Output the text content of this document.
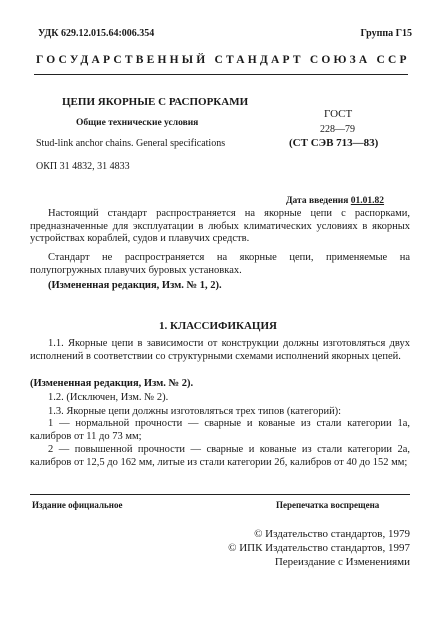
УДК 629.12.015.64:006.354	Группа Г15
ГОСУДАРСТВЕННЫЙ СТАНДАРТ СОЮЗА ССР
ЦЕПИ ЯКОРНЫЕ С РАСПОРКАМИ
Общие технические условия
Stud-link anchor chains. General specifications
ГОСТ
228—79
(СТ СЭВ 713—83)
ОКП 31 4832, 31 4833
Дата введения 01.01.82
Настоящий стандарт распространяется на якорные цепи с распорками, предназначенные для эксплуатации в любых климатических условиях в якорных устройствах кораблей, судов и плавучих средств.
Стандарт не распространяется на якорные цепи, применяемые на полупогружных плавучих буровых установках.
(Измененная редакция, Изм. № 1, 2).
1. КЛАССИФИКАЦИЯ
1.1. Якорные цепи в зависимости от конструкции должны изготовляться двух исполнений в соответствии со структурными схемами исполнений якорных цепей.
(Измененная редакция, Изм. № 2).
1.2. (Исключен, Изм. № 2).
1.3. Якорные цепи должны изготовляться трех типов (категорий):
1 — нормальной прочности — сварные и кованые из стали категории 1а, калибров от 11 до 73 мм;
2 — повышенной прочности — сварные и кованые из стали категории 2а, калибров от 12,5 до 162 мм, литые из стали категории 2б, калибров от 40 до 152 мм;
Издание официальное	Перепечатка воспрещена
© Издательство стандартов, 1979
© ИПК Издательство стандартов, 1997
Переиздание с Изменениями
